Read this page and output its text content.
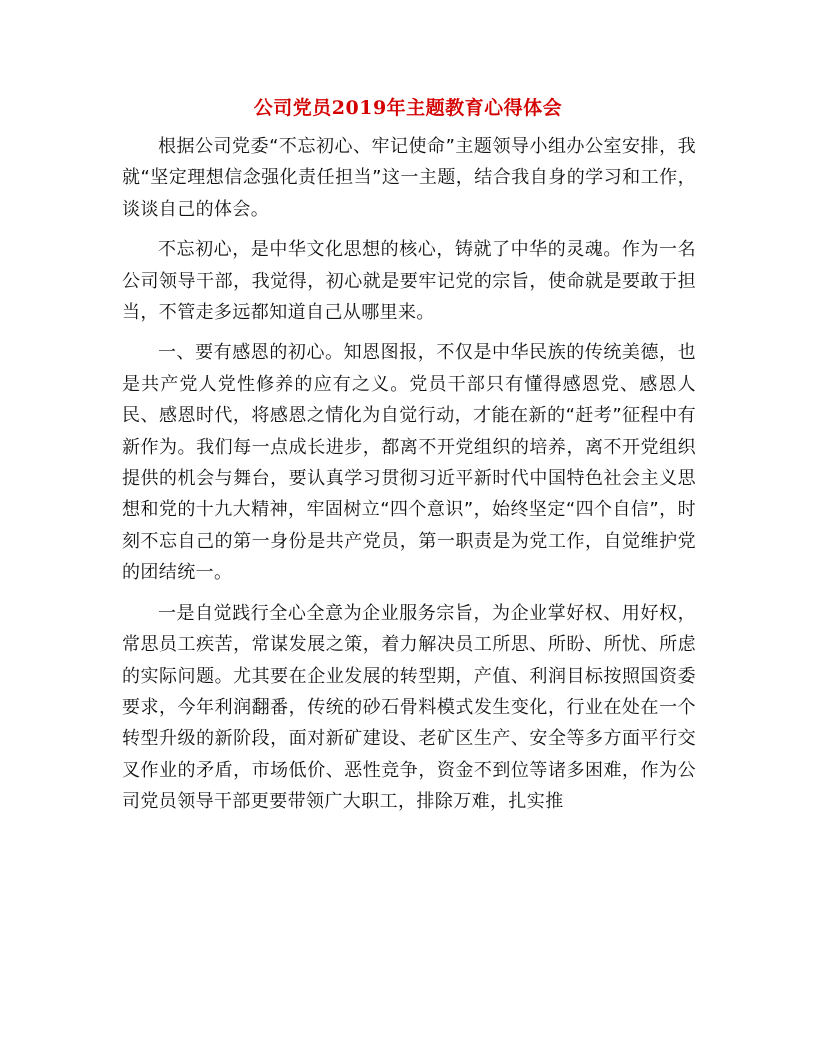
公司党员2019年主题教育心得体会

根据公司党委“不忘初心、牢记使命”主题领导小组办公室安排，我就“坚定理想信念强化责任担当”这一主题，结合我自身的学习和工作，谈谈自己的体会。

不忘初心，是中华文化思想的核心，铸就了中华的灵魂。作为一名公司领导干部，我觉得，初心就是要牢记党的宗旨，使命就是要敢于担当，不管走多远都知道自己从哪里来。

一、要有感恩的初心。知恩图报，不仅是中华民族的传统美德，也是共产党人党性修养的应有之义。党员干部只有懂得感恩党、感恩人民、感恩时代，将感恩之情化为自觉行动，才能在新的“赶考”征程中有新作为。我们每一点成长进步，都离不开党组织的培养，离不开党组织提供的机会与舞台，要认真学习贯彻习近平新时代中国特色社会主义思想和党的十九大精神，牢固树立“四个意识”，始终坚定“四个自信”，时刻不忘自己的第一身份是共产党员，第一职责是为党工作，自觉维护党的团结统一。

一是自觉践行全心全意为企业服务宗旨，为企业掌好权、用好权，常思员工疾苦，常谋发展之策，着力解决员工所思、所盼、所忧、所虑的实际问题。尤其要在企业发展的转型期，产值、利润目标按照国资委要求，今年利润翻番，传统的砂石骨料模式发生变化，行业在处在一个转型升级的新阶段，面对新矿建设、老矿区生产、安全等多方面平行交叉作业的矛盾，市场低价、恶性竞争，资金不到位等诸多困难，作为公司党员领导干部更要带领广大职工，排除万难，扎实推
